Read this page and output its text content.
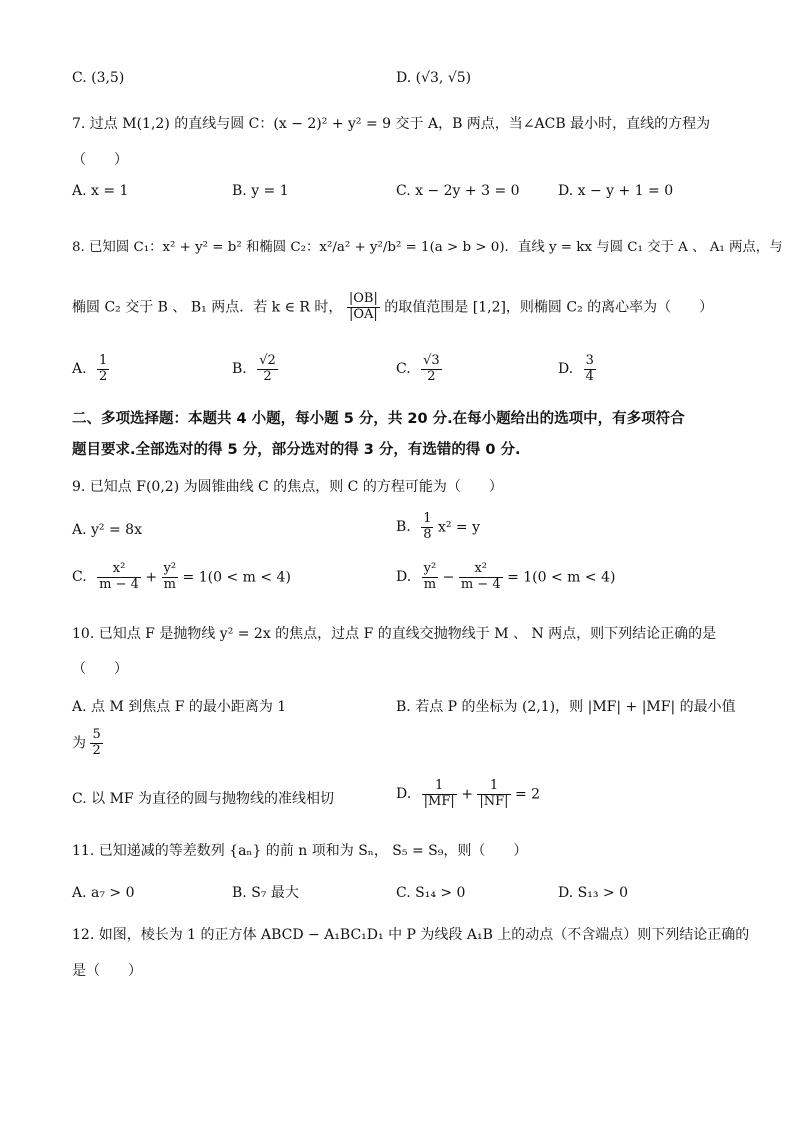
C. (3,5)	D. (√3, √5)
7. 过点 M(1,2) 的直线与圆 C：(x − 2)² + y² = 9 交于 A，B 两点，当∠ACB 最小时，直线的方程为
（　　）
A. x = 1	B. y = 1	C. x − 2y + 3 = 0	D. x − y + 1 = 0
8. 已知圆 C₁：x² + y² = b² 和椭圆 C₂：x²/a² + y²/b² = 1(a > b > 0)．直线 y = kx 与圆 C₁ 交于 A 、 A₁ 两点，与
椭圆 C₂ 交于 B 、 B₁ 两点．若 k ∈ R 时， $\frac{|OB|}{|OA|}$ 的取值范围是 [1,2]，则椭圆 C₂ 的离心率为（　　）
A. $\frac{1}{2}$	B. $\frac{√2}{2}$	C. $\frac{√3}{2}$	D. $\frac{3}{4}$
二、多项选择题：本题共 4 小题，每小题 5 分，共 20 分.在每小题给出的选项中，有多项符合
题目要求.全部选对的得 5 分，部分选对的得 3 分，有选错的得 0 分.
9. 已知点 F(0,2) 为圆锥曲线 C 的焦点，则 C 的方程可能为（　　）
A. y² = 8x	B. $\frac{1}{8} x^2 = y$
C. $\frac{\text{x²}}{m - 4} + \frac{\text{y²}}{m} = 1(0 < m < 4)$	D. $\frac{\text{y²}}{m} - \frac{\text{x²}}{m - 4} = 1(0 < m < 4)$
10. 已知点 F 是抛物线 y² = 2x 的焦点，过点 F 的直线交抛物线于 M 、 N 两点，则下列结论正确的是
（　　）
A. 点 M 到焦点 F 的最小距离为 1	B. 若点 P 的坐标为 (2,1)，则 |MF| + |MF| 的最小值
为 $\frac{5}{2}$
C. 以 MF 为直径的圆与抛物线的准线相切	D. $\frac{1}{|MF|} + \frac{1}{|NF|} = 2$
11. 已知递减的等差数列 {aₙ} 的前 n 项和为 Sₙ， S₅ = S₉，则（　　）
A. a₇ > 0	B. S₇ 最大	C. S₁₄ > 0	D. S₁₃ > 0
12. 如图，棱长为 1 的正方体 ABCD − A₁BC₁D₁ 中 P 为线段 A₁B 上的动点（不含端点）则下列结论正确的
是（　　）
